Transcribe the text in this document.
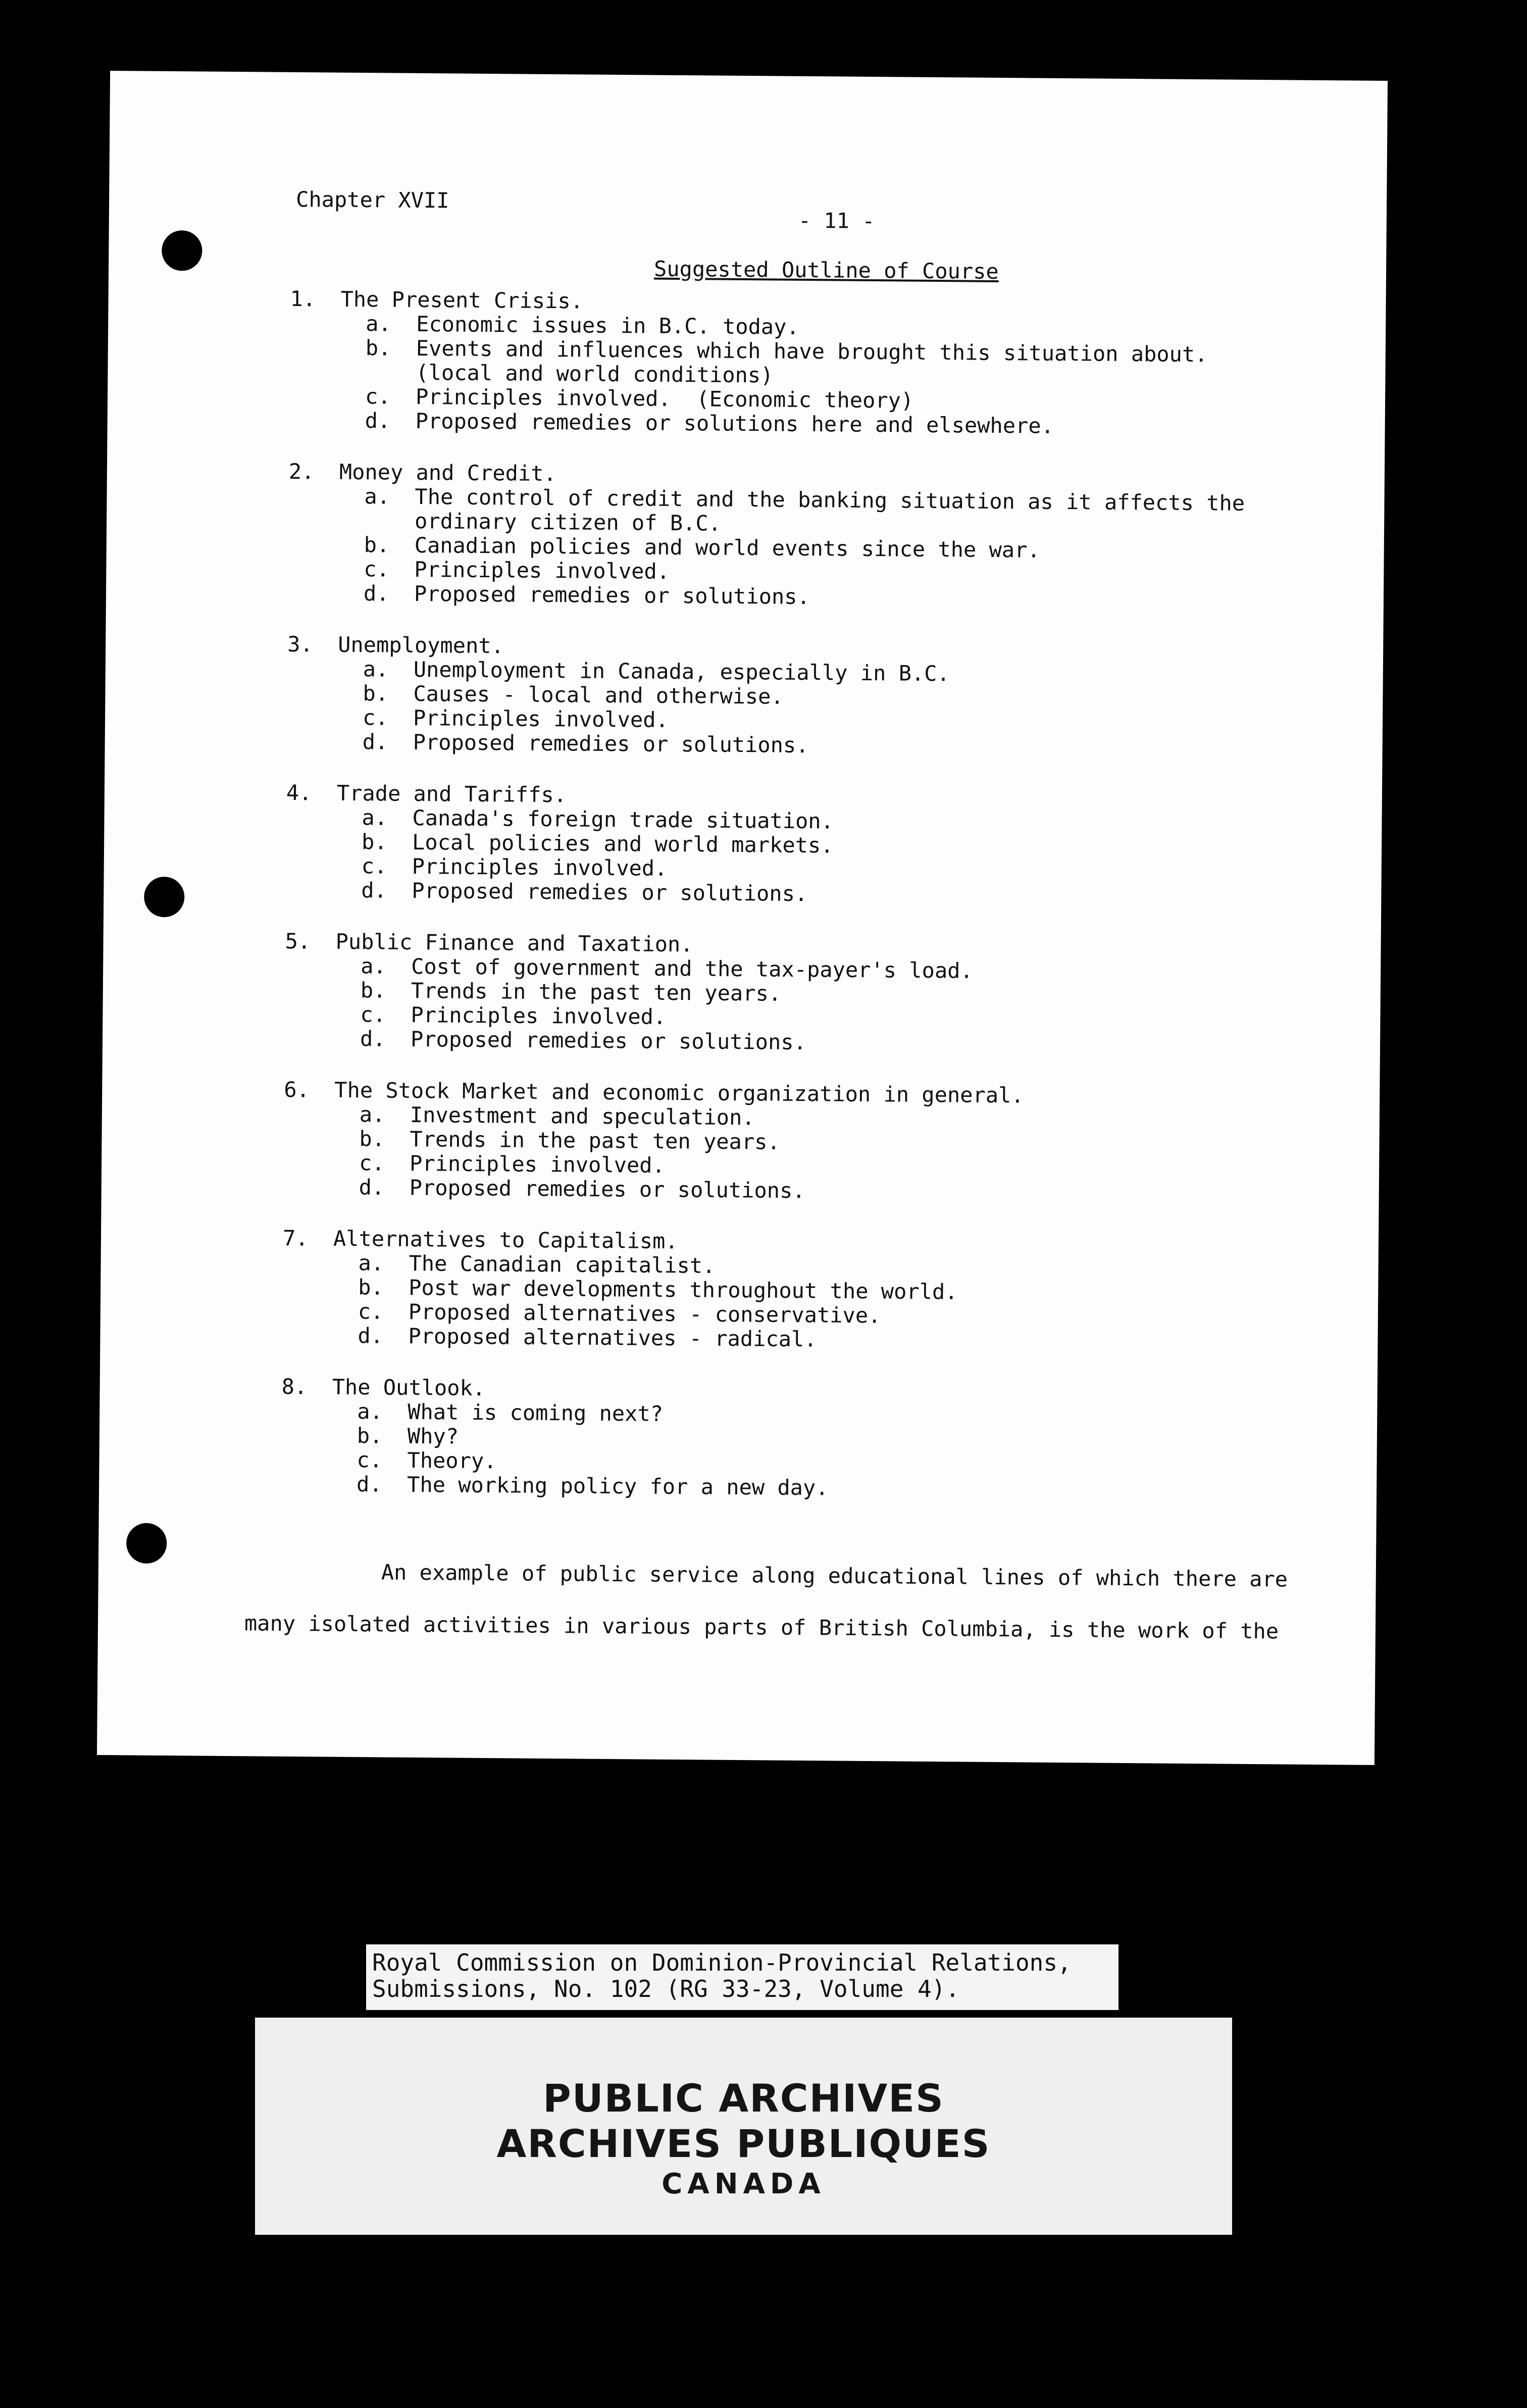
Chapter XVII
- 11 -
Suggested Outline of Course
1. The Present Crisis.
a.	Economic issues in B.C. today.
b.	Events and influences which have brought this situation about.
(local and world conditions)
c.	Principles involved.  (Economic theory)
d.	Proposed remedies or solutions here and elsewhere.
2. Money and Credit.
a.	The control of credit and the banking situation as it affects the
ordinary citizen of B.C.
b.	Canadian policies and world events since the war.
c.	Principles involved.
d.	Proposed remedies or solutions.
3. Unemployment.
a.	Unemployment in Canada, especially in B.C.
b.	Causes - local and otherwise.
c.	Principles involved.
d.	Proposed remedies or solutions.
4. Trade and Tariffs.
a.	Canada's foreign trade situation.
b.	Local policies and world markets.
c.	Principles involved.
d.	Proposed remedies or solutions.
5. Public Finance and Taxation.
a.	Cost of government and the tax-payer's load.
b.	Trends in the past ten years.
c.	Principles involved.
d.	Proposed remedies or solutions.
6. The Stock Market and economic organization in general.
a.	Investment and speculation.
b.	Trends in the past ten years.
c.	Principles involved.
d.	Proposed remedies or solutions.
7. Alternatives to Capitalism.
a.	The Canadian capitalist.
b.	Post war developments throughout the world.
c.	Proposed alternatives - conservative.
d.	Proposed alternatives - radical.
8. The Outlook.
a.	What is coming next?
b.	Why?
c.	Theory.
d.	The working policy for a new day.
An example of public service along educational lines of which there are
many isolated activities in various parts of British Columbia, is the work of the
Royal Commission on Dominion-Provincial Relations,
Submissions, No. 102 (RG 33-23, Volume 4).
PUBLIC ARCHIVES
ARCHIVES PUBLIQUES
CANADA
